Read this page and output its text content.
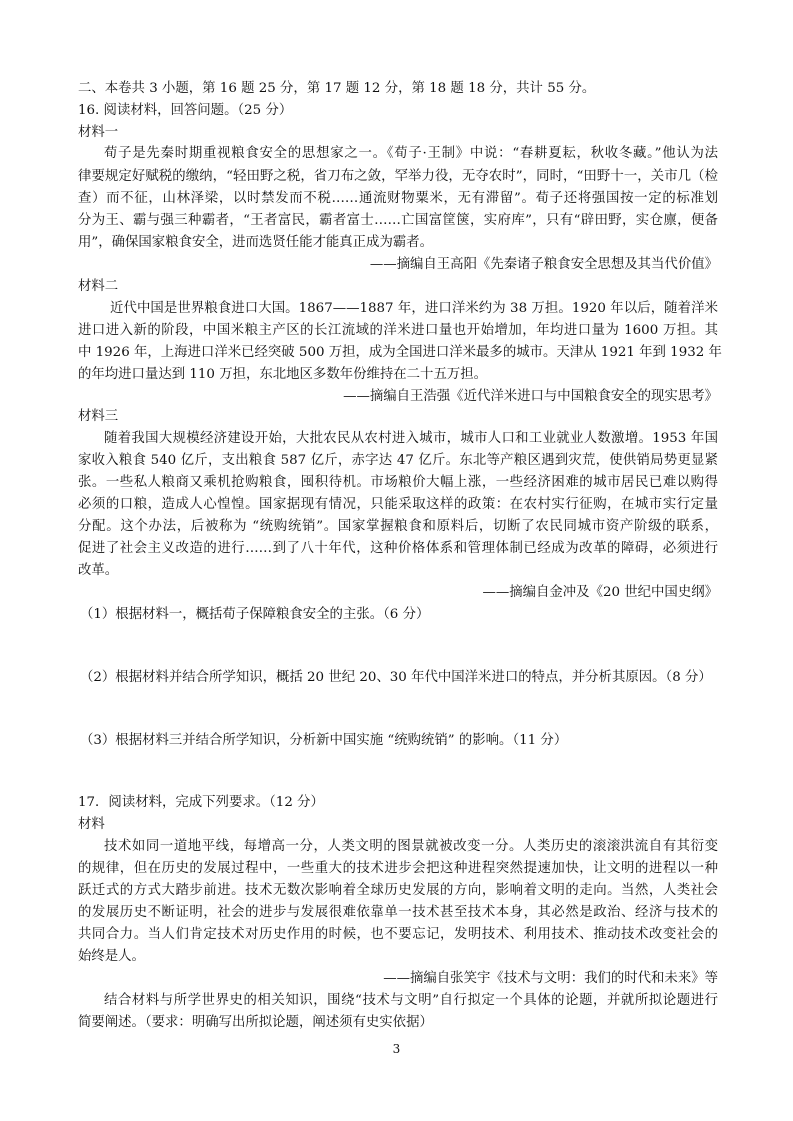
二、本卷共 3 小题，第 16 题 25 分，第 17 题 12 分，第 18 题 18 分，共计 55 分。
16. 阅读材料，回答问题。（25 分）
材料一
荀子是先秦时期重视粮食安全的思想家之一。《荀子·王制》中说：“春耕夏耘，秋收冬藏。”他认为法
律要规定好赋税的缴纳，“轻田野之税，省刀布之敛，罕举力役，无夺农时”，同时，“田野十一，关市几（检
查）而不征，山林泽梁，以时禁发而不税……通流财物粟米，无有滞留”。荀子还将强国按一定的标准划
分为王、霸与强三种霸者，“王者富民，霸者富士……亡国富筐箧，实府库”，只有“辟田野，实仓廪，便备
用”，确保国家粮食安全，进而选贤任能才能真正成为霸者。
——摘编自王高阳《先秦诸子粮食安全思想及其当代价值》
材料二
近代中国是世界粮食进口大国。1867——1887 年，进口洋米约为 38 万担。1920 年以后，随着洋米
进口进入新的阶段，中国米粮主产区的长江流域的洋米进口量也开始增加，年均进口量为 1600 万担。其
中 1926 年，上海进口洋米已经突破 500 万担，成为全国进口洋米最多的城市。天津从 1921 年到 1932 年
的年均进口量达到 110 万担，东北地区多数年份维持在二十五万担。
——摘编自王浩强《近代洋米进口与中国粮食安全的现实思考》
材料三
随着我国大规模经济建设开始，大批农民从农村进入城市，城市人口和工业就业人数激增。1953 年国
家收入粮食 540 亿斤，支出粮食 587 亿斤，赤字达 47 亿斤。东北等产粮区遇到灾荒，使供销局势更显紧
张。一些私人粮商又乘机抢购粮食，囤积待机。市场粮价大幅上涨，一些经济困难的城市居民已难以购得
必须的口粮，造成人心惶惶。国家据现有情况，只能采取这样的政策：在农村实行征购，在城市实行定量
分配。这个办法，后被称为 “统购统销”。国家掌握粮食和原料后，切断了农民同城市资产阶级的联系，
促进了社会主义改造的进行……到了八十年代，这种价格体系和管理体制已经成为改革的障碍，必须进行
改革。
——摘编自金冲及《20 世纪中国史纲》
（1）根据材料一，概括荀子保障粮食安全的主张。（6 分）
（2）根据材料并结合所学知识，概括 20 世纪 20、30 年代中国洋米进口的特点，并分析其原因。（8 分）
（3）根据材料三并结合所学知识，分析新中国实施 “统购统销” 的影响。（11 分）
17．阅读材料，完成下列要求。（12 分）
材料
技术如同一道地平线，每增高一分，人类文明的图景就被改变一分。人类历史的滚滚洪流自有其衍变
的规律，但在历史的发展过程中，一些重大的技术进步会把这种进程突然提速加快，让文明的进程以一种
跃迁式的方式大踏步前进。技术无数次影响着全球历史发展的方向，影响着文明的走向。当然，人类社会
的发展历史不断证明，社会的进步与发展很难依靠单一技术甚至技术本身，其必然是政治、经济与技术的
共同合力。当人们肯定技术对历史作用的时候，也不要忘记，发明技术、利用技术、推动技术改变社会的
始终是人。
——摘编自张笑宇《技术与文明：我们的时代和未来》等
结合材料与所学世界史的相关知识，围绕“技术与文明”自行拟定一个具体的论题，并就所拟论题进行
简要阐述。（要求：明确写出所拟论题，阐述须有史实依据）
3
